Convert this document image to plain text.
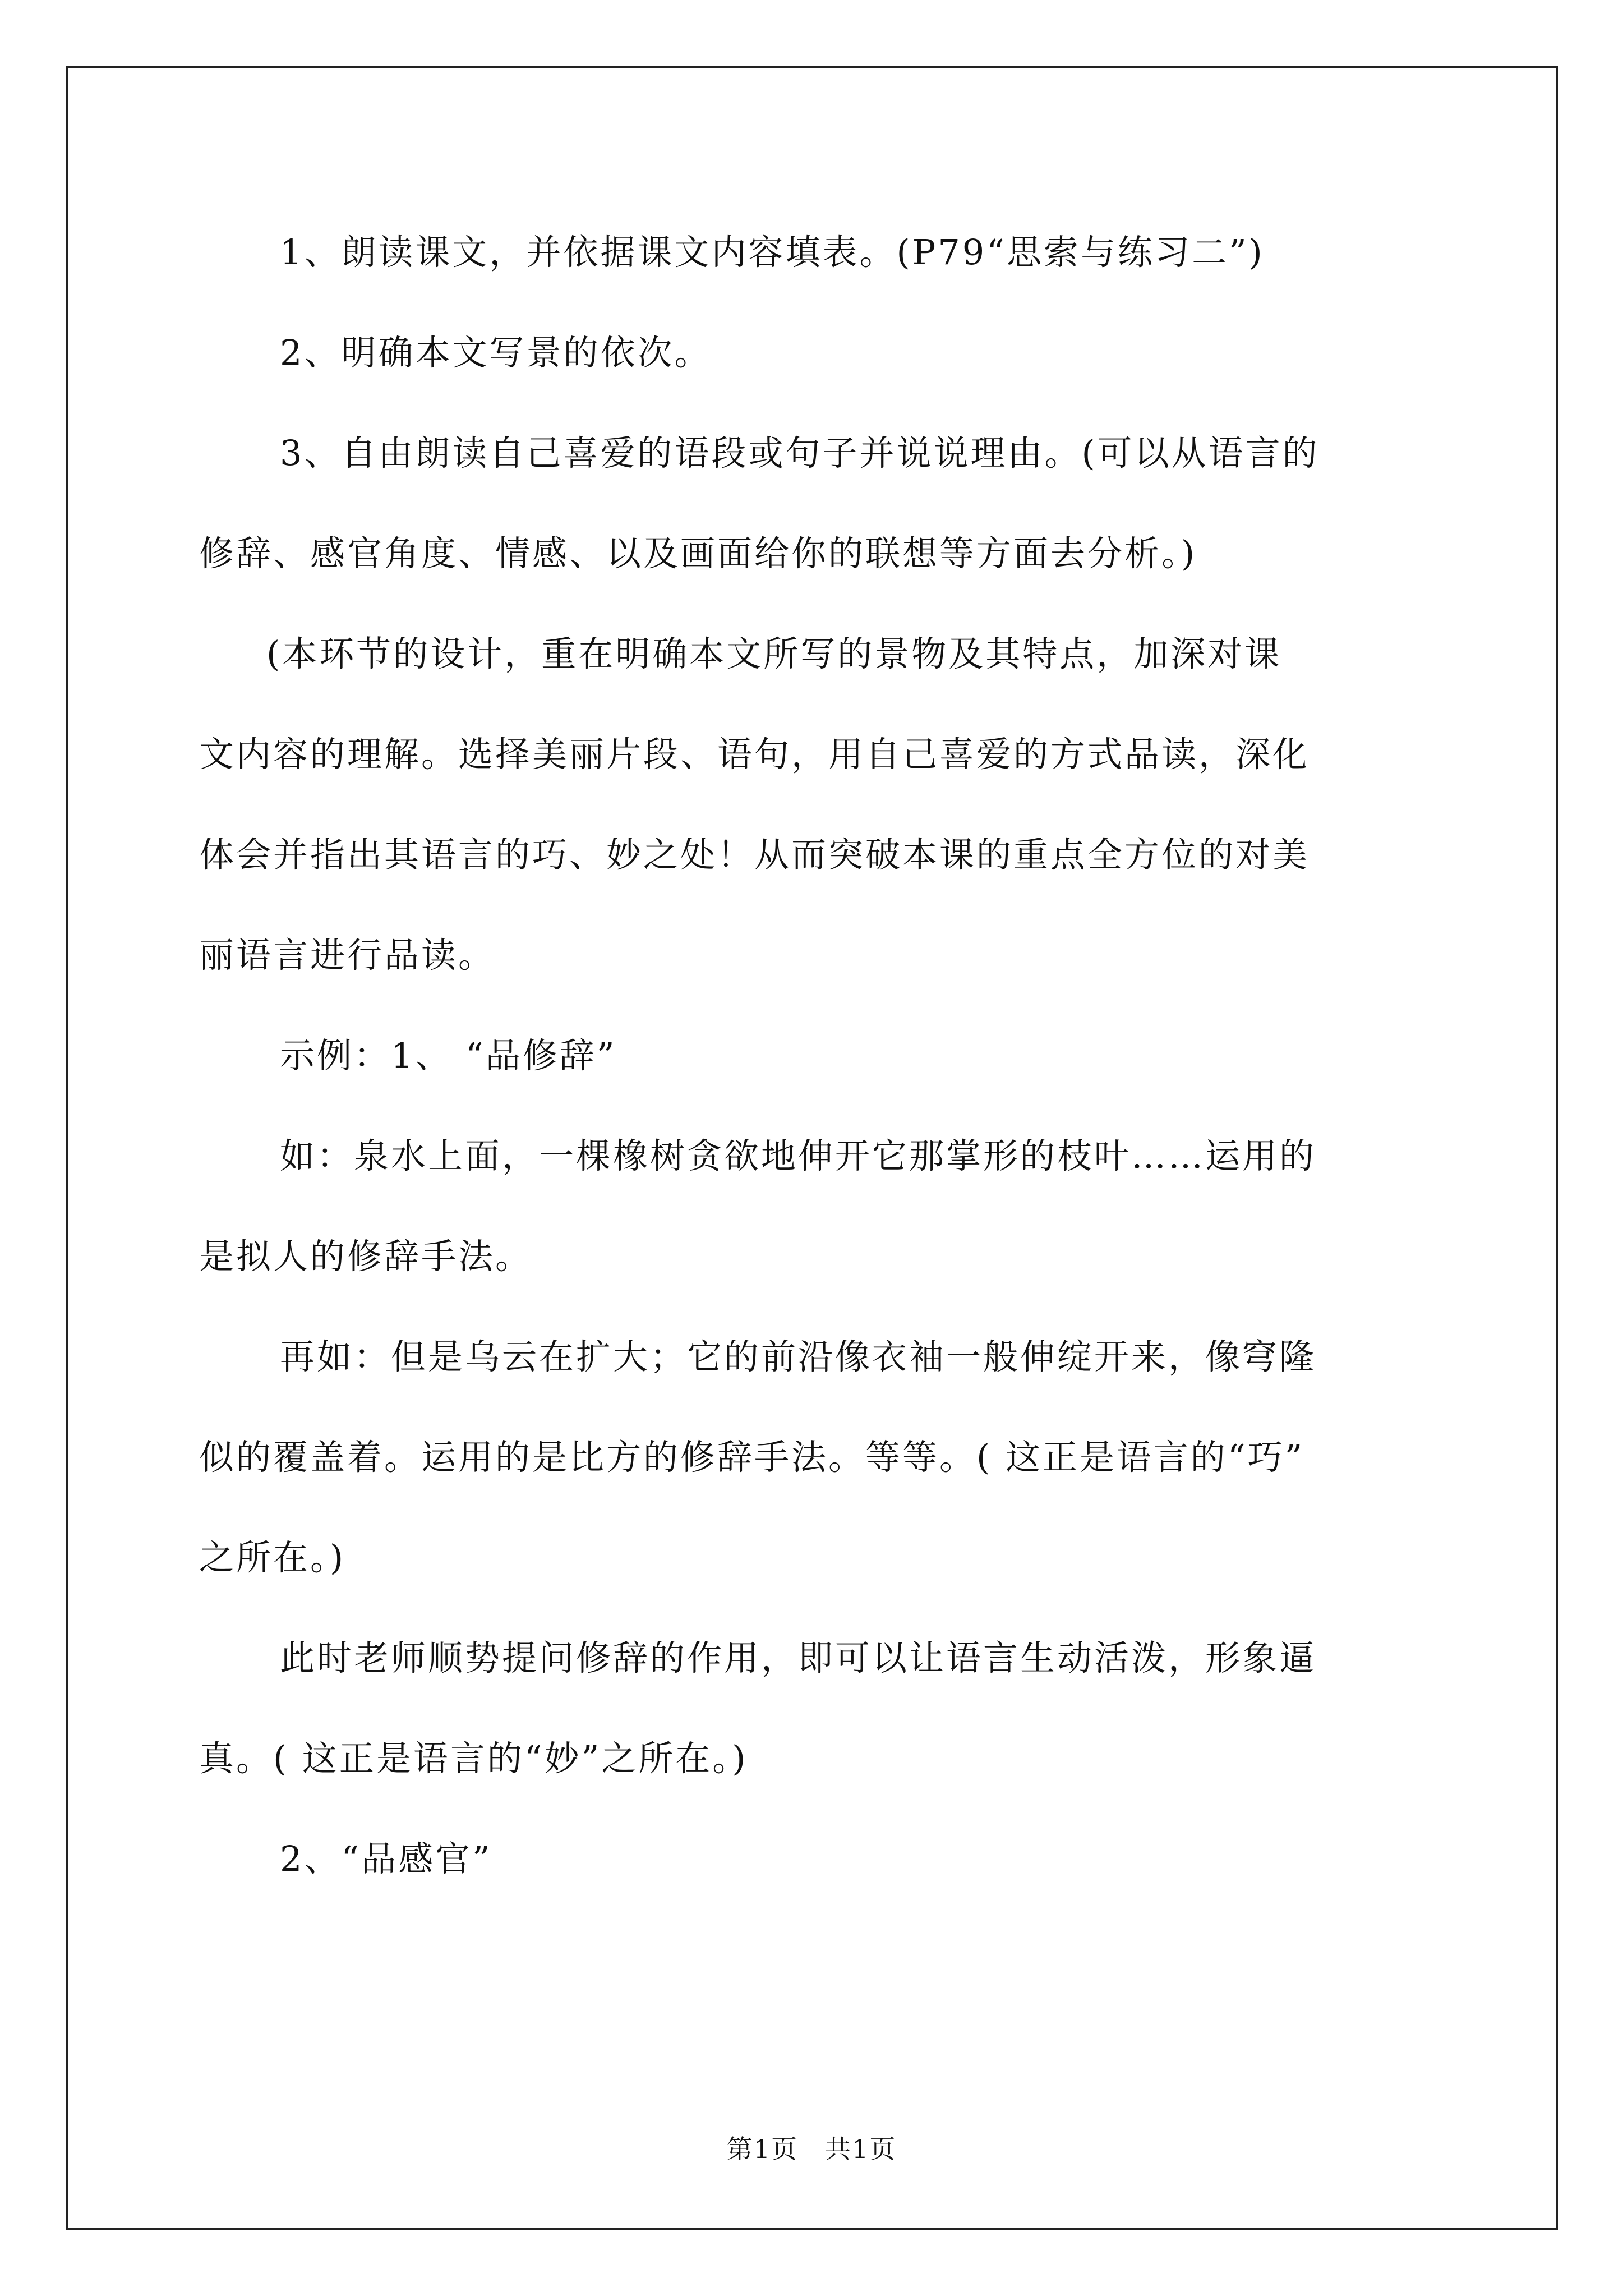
1、朗读课文，并依据课文内容填表。(P79“思索与练习二”)

2、明确本文写景的依次。

3、自由朗读自己喜爱的语段或句子并说说理由。(可以从语言的
修辞、感官角度、情感、以及画面给你的联想等方面去分析。)

(本环节的设计，重在明确本文所写的景物及其特点，加深对课
文内容的理解。选择美丽片段、语句，用自己喜爱的方式品读，深化
体会并指出其语言的巧、妙之处！从而突破本课的重点全方位的对美
丽语言进行品读。

示例：1、 “品修辞”

如：泉水上面，一棵橡树贪欲地伸开它那掌形的枝叶……运用的
是拟人的修辞手法。

再如：但是乌云在扩大；它的前沿像衣袖一般伸绽开来，像穹隆
似的覆盖着。运用的是比方的修辞手法。等等。( 这正是语言的“巧”
之所在。)

此时老师顺势提问修辞的作用，即可以让语言生动活泼，形象逼
真。( 这正是语言的“妙”之所在。)

2、“品感官”

第1页　共1页
